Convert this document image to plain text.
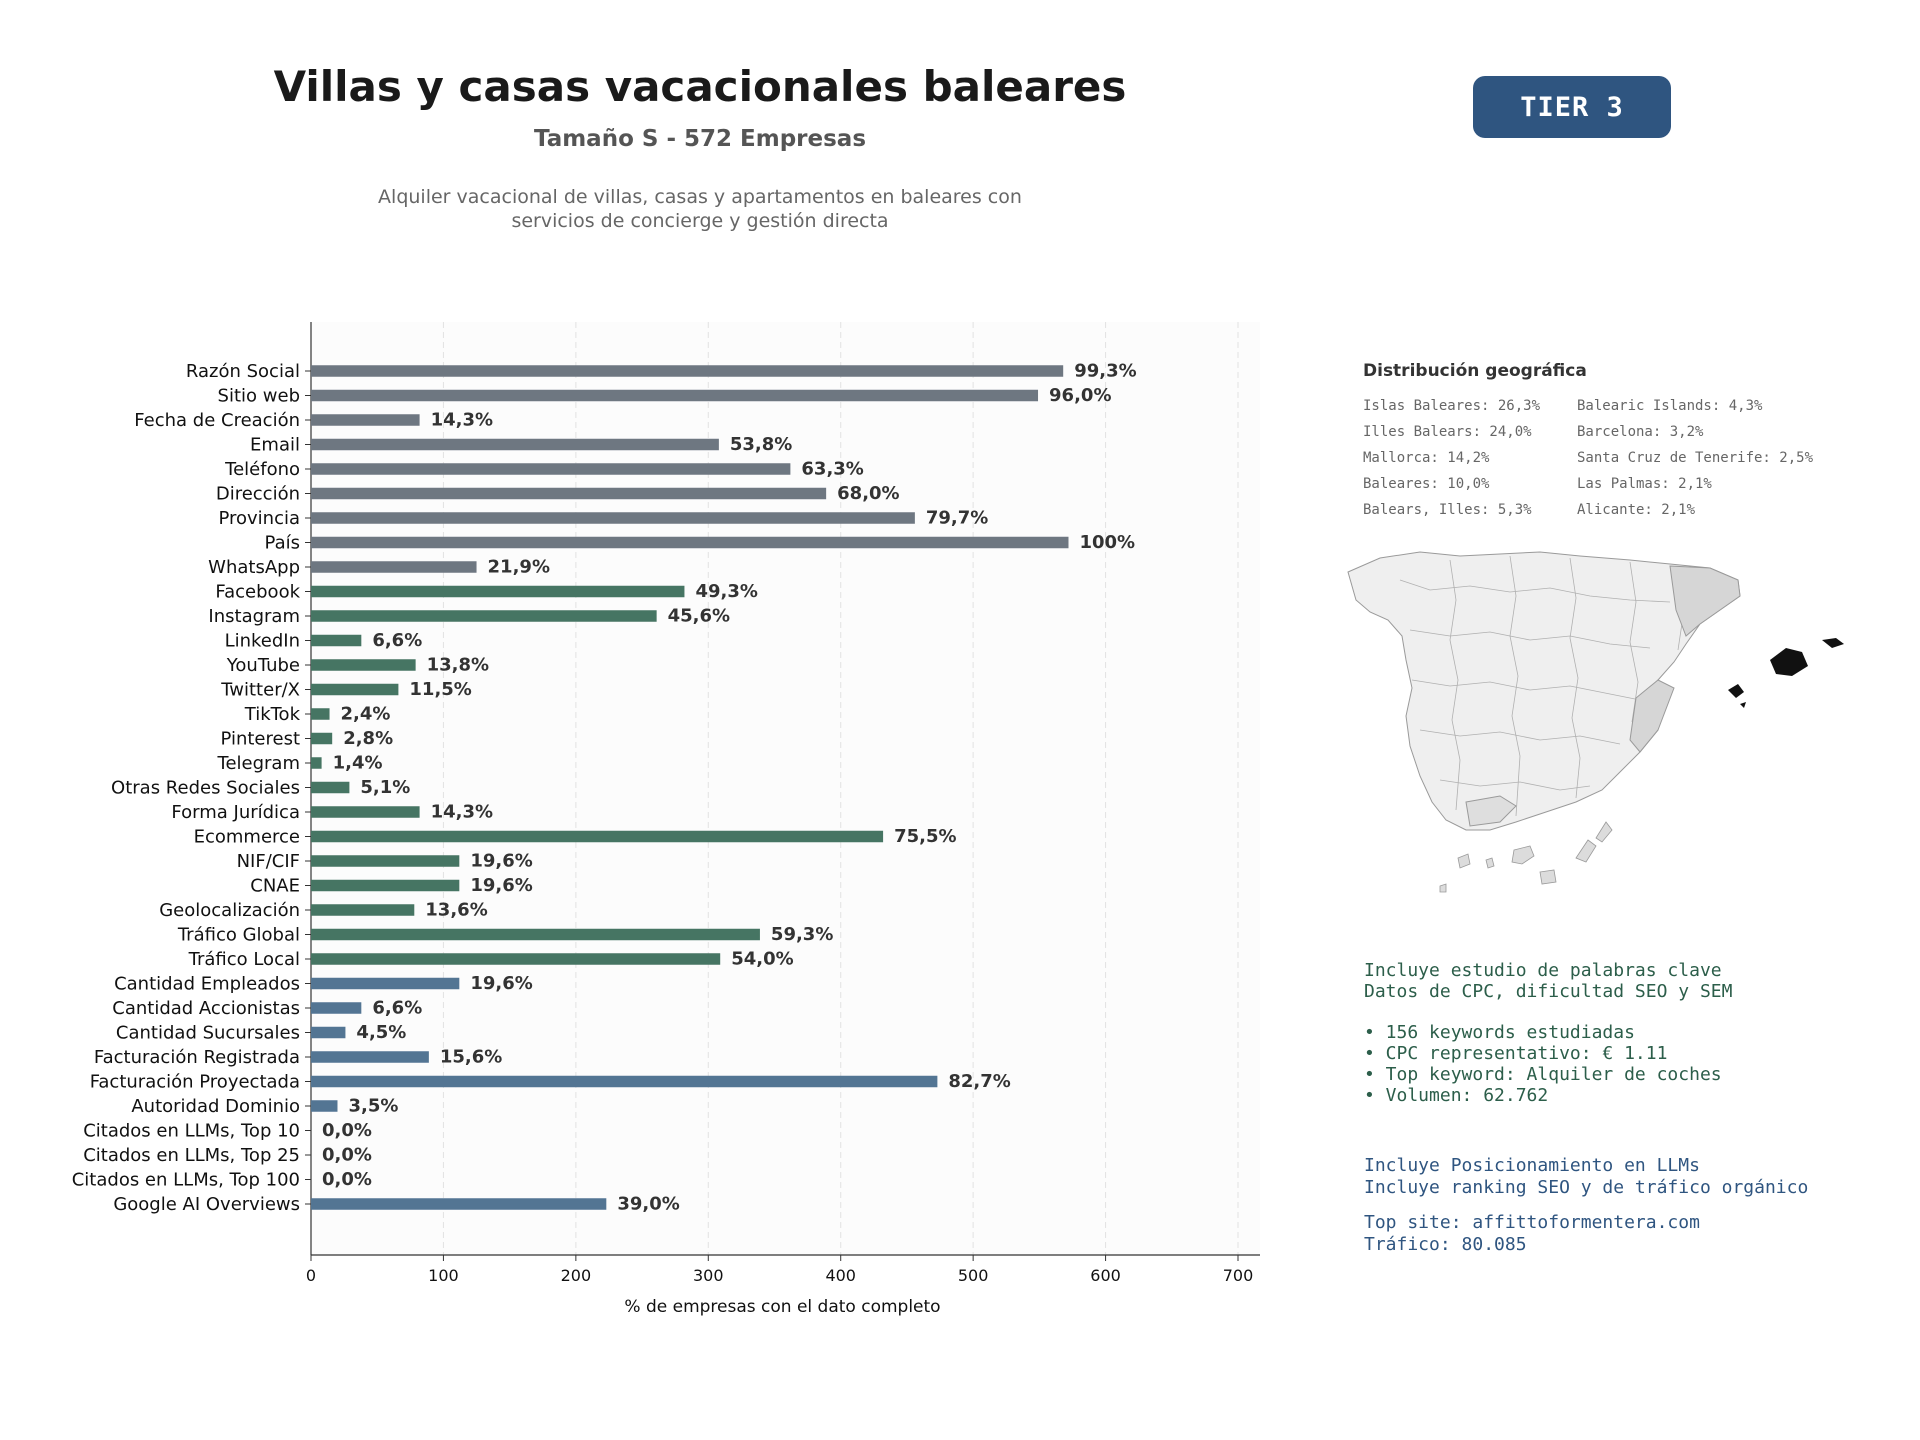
Villas y casas vacacionales baleares
Tamaño S - 572 Empresas
Alquiler vacacional de villas, casas y apartamentos en baleares con
servicios de concierge y gestión directa
TIER 3
0	100	200	300	400	500	600	700
Razón Social	99,3%
Sitio web	96,0%
Fecha de Creación	14,3%
Email	53,8%
Teléfono	63,3%
Dirección	68,0%
Provincia	79,7%
País	100%
WhatsApp	21,9%
Facebook	49,3%
Instagram	45,6%
LinkedIn	6,6%
YouTube	13,8%
Twitter/X	11,5%
TikTok 2,4%
Pinterest 2,8%
Telegram 1,4%
Otras Redes Sociales	5,1%
Forma Jurídica	14,3%
Ecommerce	75,5%
NIF/CIF	19,6%
CNAE	19,6%
Geolocalización	13,6%
Tráfico Global	59,3%
Tráfico Local	54,0%
Cantidad Empleados	19,6%
Cantidad Accionistas	6,6%
Cantidad Sucursales	4,5%
Facturación Registrada	15,6%
Facturación Proyectada	82,7%
Autoridad Dominio	3,5%
Citados en LLMs, Top 10 0,0%
Citados en LLMs, Top 25 0,0%
Citados en LLMs, Top 100 0,0%
Google AI Overviews	39,0%
% de empresas con el dato completo
Distribución geográfica
Islas Baleares: 26,3%
Illes Balears: 24,0%
Mallorca: 14,2%
Baleares: 10,0%
Balears, Illes: 5,3%
Balearic Islands: 4,3%
Barcelona: 3,2%
Santa Cruz de Tenerife: 2,5%
Las Palmas: 2,1%
Alicante: 2,1%
Incluye estudio de palabras clave
Datos de CPC, dificultad SEO y SEM
• 156 keywords estudiadas
• CPC representativo: € 1.11
• Top keyword: Alquiler de coches
• Volumen: 62.762
Incluye Posicionamiento en LLMs
Incluye ranking SEO y de tráfico orgánico
Top site: affittoformentera.com
Tráfico: 80.085
